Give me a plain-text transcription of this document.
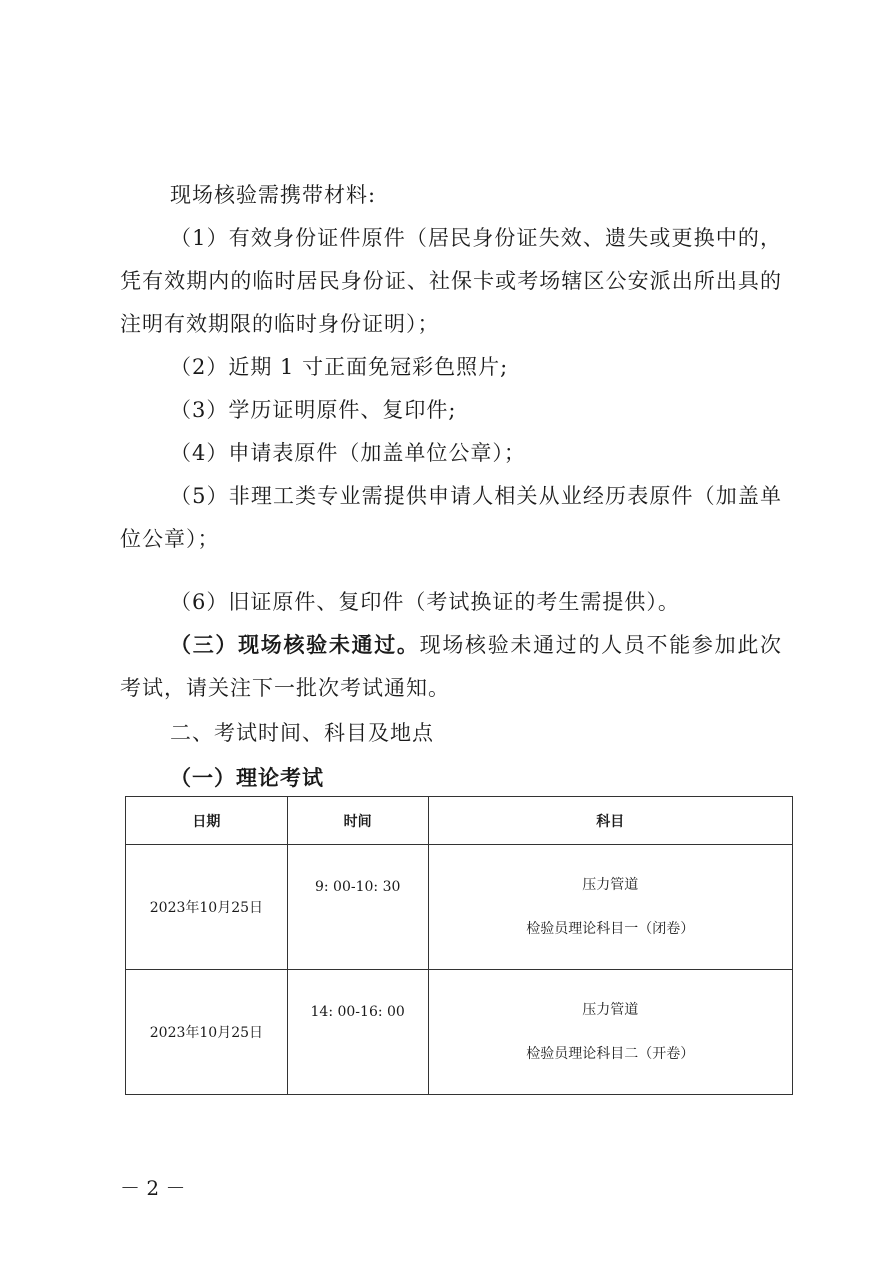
现场核验需携带材料:

（1）有效身份证件原件（居民身份证失效、遗失或更换中的，凭有效期内的临时居民身份证、社保卡或考场辖区公安派出所出具的注明有效期限的临时身份证明）；

（2）近期 1 寸正面免冠彩色照片;

（3）学历证明原件、复印件;

（4）申请表原件（加盖单位公章）；

（5）非理工类专业需提供申请人相关从业经历表原件（加盖单位公章）；

（6）旧证原件、复印件（考试换证的考生需提供）。

（三）现场核验未通过。现场核验未通过的人员不能参加此次考试，请关注下一批次考试通知。

二、考试时间、科目及地点

（一）理论考试

日期	时间	科目
2023年10月25日	9: 00-10: 30	压力管道
检验员理论科目一（闭卷）

2023年10月25日	14: 00-16: 00	压力管道
检验员理论科目二（开卷）
－ 2 －
